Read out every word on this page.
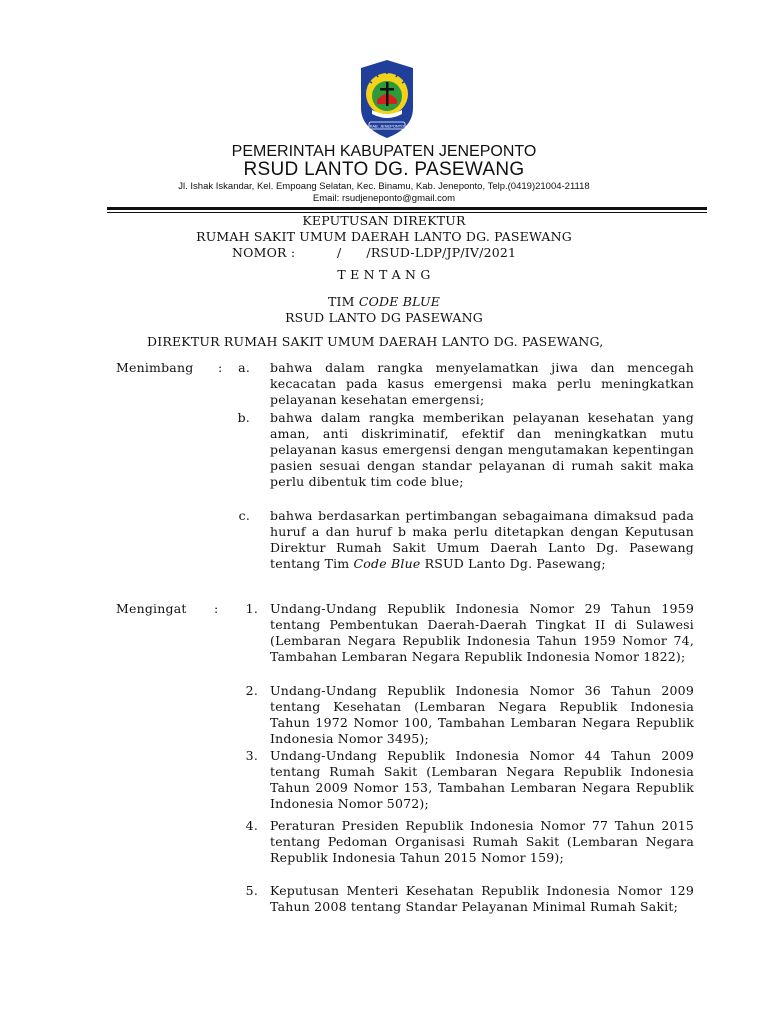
KAB. JENEPONTO
PEMERINTAH KABUPATEN JENEPONTO
RSUD LANTO DG. PASEWANG
Jl. Ishak Iskandar, Kel. Empoang Selatan, Kec. Binamu, Kab. Jeneponto, Telp.(0419)21004-21118
Email: rsudjeneponto@gmail.com
KEPUTUSAN DIREKTUR
RUMAH SAKIT UMUM DAERAH LANTO DG. PASEWANG
NOMOR :          /      /RSUD-LDP/JP/IV/2021
T E N T A N G
TIM CODE BLUE
RSUD LANTO DG PASEWANG
DIREKTUR RUMAH SAKIT UMUM DAERAH LANTO DG. PASEWANG,
Menimbang :	a. bahwa dalam rangka menyelamatkan jiwa dan mencegah kecacatan pada kasus emergensi maka perlu meningkatkan pelayanan kesehatan emergensi;
b. bahwa dalam rangka memberikan pelayanan kesehatan yang aman, anti diskriminatif, efektif dan meningkatkan mutu pelayanan kasus emergensi dengan mengutamakan kepentingan pasien sesuai dengan standar pelayanan di rumah sakit maka perlu dibentuk tim code blue;
c. bahwa berdasarkan pertimbangan sebagaimana dimaksud pada huruf a dan huruf b maka perlu ditetapkan dengan Keputusan Direktur Rumah Sakit Umum Daerah Lanto Dg. Pasewang tentang Tim Code Blue RSUD Lanto Dg. Pasewang;
Mengingat :	1. Undang-Undang Republik Indonesia Nomor 29 Tahun 1959 tentang Pembentukan Daerah-Daerah Tingkat II di Sulawesi (Lembaran Negara Republik Indonesia Tahun 1959 Nomor 74, Tambahan Lembaran Negara Republik Indonesia Nomor 1822);
2. Undang-Undang Republik Indonesia Nomor 36 Tahun 2009 tentang Kesehatan (Lembaran Negara Republik Indonesia Tahun 1972 Nomor 100, Tambahan Lembaran Negara Republik Indonesia Nomor 3495);
3. Undang-Undang Republik Indonesia Nomor 44 Tahun 2009 tentang Rumah Sakit (Lembaran Negara Republik Indonesia Tahun 2009 Nomor 153, Tambahan Lembaran Negara Republik Indonesia Nomor 5072);
4. Peraturan Presiden Republik Indonesia Nomor 77 Tahun 2015 tentang Pedoman Organisasi Rumah Sakit (Lembaran Negara Republik Indonesia Tahun 2015 Nomor 159);
5. Keputusan Menteri Kesehatan Republik Indonesia Nomor 129 Tahun 2008 tentang Standar Pelayanan Minimal Rumah Sakit;
